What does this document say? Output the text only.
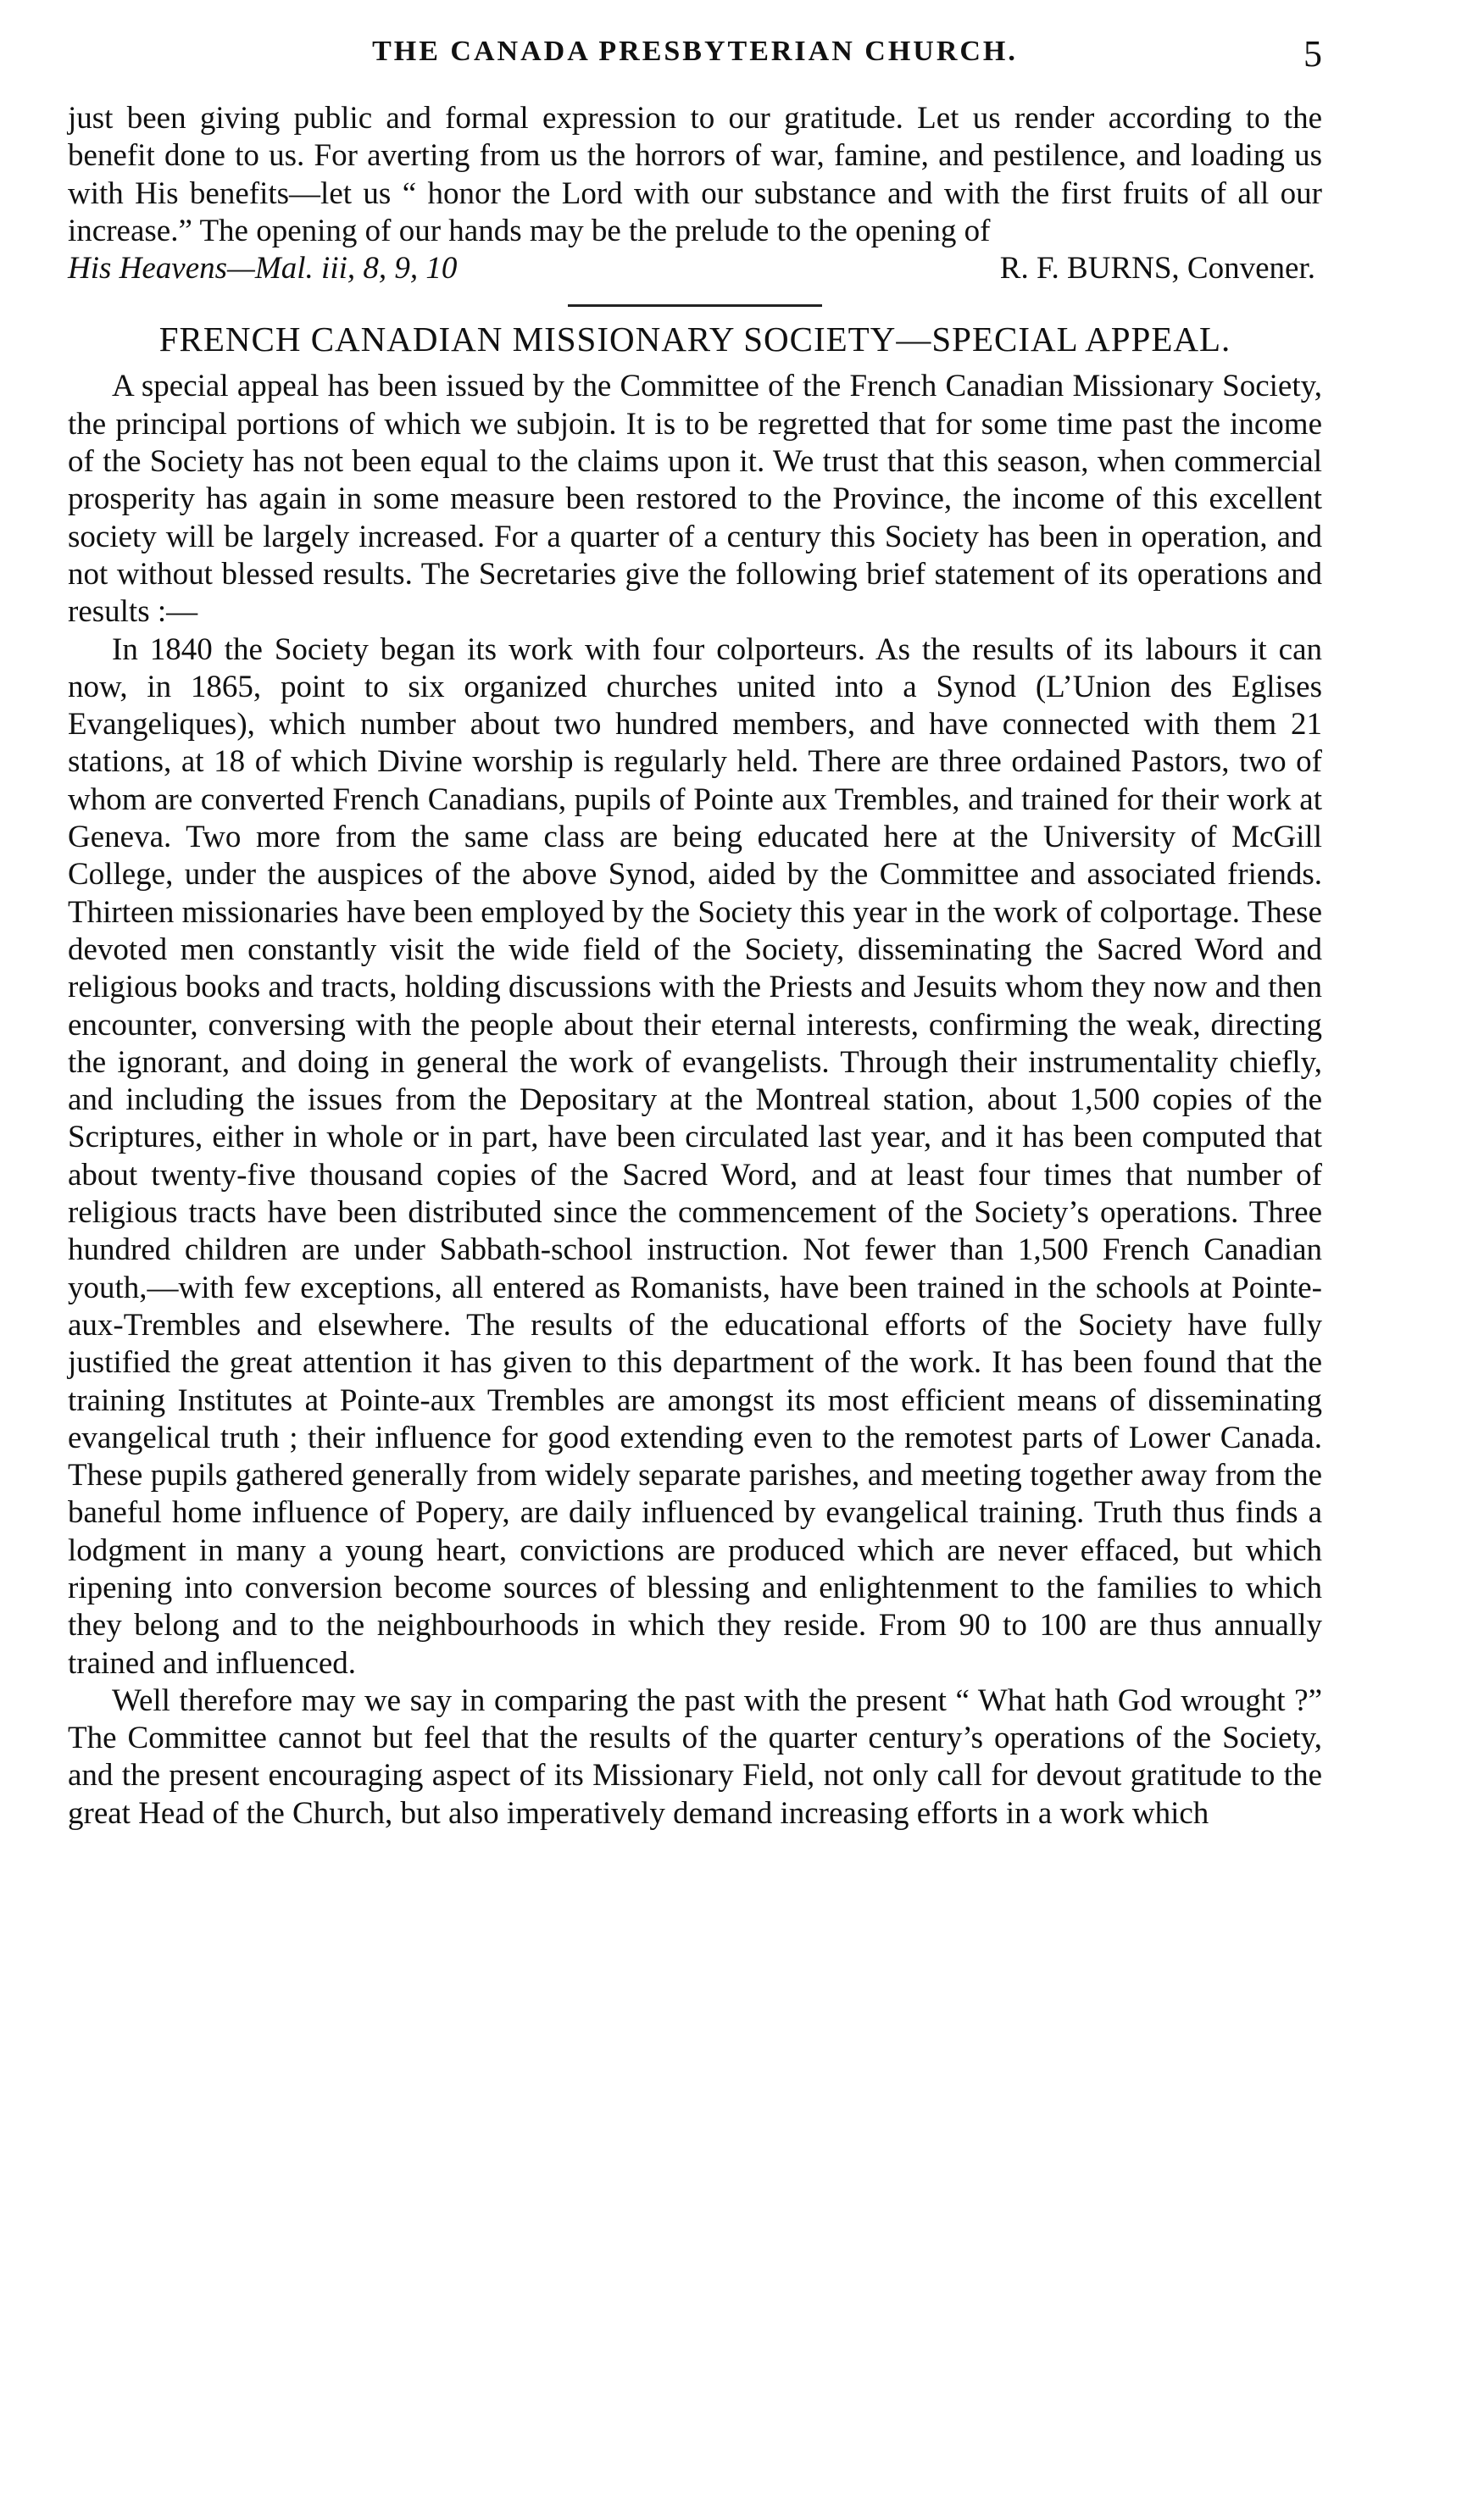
THE CANADA PRESBYTERIAN CHURCH.	5

just been giving public and formal expression to our gratitude. Let us render according to the benefit done to us. For averting from us the horrors of war, famine, and pestilence, and loading us with His benefits—let us “ honor the Lord with our substance and with the first fruits of all our increase.” The opening of our hands may be the prelude to the opening of

His Heavens—Mal. iii, 8, 9, 10	R. F. BURNS, Convener.
FRENCH CANADIAN MISSIONARY SOCIETY—SPECIAL APPEAL.

A special appeal has been issued by the Committee of the French Canadian Missionary Society, the principal portions of which we subjoin. It is to be regretted that for some time past the income of the Society has not been equal to the claims upon it. We trust that this season, when commercial prosperity has again in some measure been restored to the Province, the income of this excellent society will be largely increased. For a quarter of a century this Society has been in operation, and not without blessed results. The Secretaries give the following brief statement of its operations and results :—

In 1840 the Society began its work with four colporteurs. As the results of its labours it can now, in 1865, point to six organized churches united into a Synod (L’Union des Eglises Evangeliques), which number about two hundred members, and have connected with them 21 stations, at 18 of which Divine worship is regularly held. There are three ordained Pastors, two of whom are converted French Canadians, pupils of Pointe aux Trembles, and trained for their work at Geneva. Two more from the same class are being educated here at the University of McGill College, under the auspices of the above Synod, aided by the Committee and associated friends. Thirteen missionaries have been employed by the Society this year in the work of colportage. These devoted men constantly visit the wide field of the Society, disseminating the Sacred Word and religious books and tracts, holding discussions with the Priests and Jesuits whom they now and then encounter, conversing with the people about their eternal interests, confirming the weak, directing the ignorant, and doing in general the work of evangelists. Through their instrumentality chiefly, and including the issues from the Depositary at the Montreal station, about 1,500 copies of the Scriptures, either in whole or in part, have been circulated last year, and it has been computed that about twenty-five thousand copies of the Sacred Word, and at least four times that number of religious tracts have been distributed since the commencement of the Society’s operations. Three hundred children are under Sabbath-school instruction. Not fewer than 1,500 French Canadian youth,—with few exceptions, all entered as Romanists, have been trained in the schools at Pointe-aux-Trembles and elsewhere. The results of the educational efforts of the Society have fully justified the great attention it has given to this department of the work. It has been found that the training Institutes at Pointe-aux Trembles are amongst its most efficient means of disseminating evangelical truth ; their influence for good extending even to the remotest parts of Lower Canada. These pupils gathered generally from widely separate parishes, and meeting together away from the baneful home influence of Popery, are daily influenced by evangelical training. Truth thus finds a lodgment in many a young heart, convictions are produced which are never effaced, but which ripening into conversion become sources of blessing and enlightenment to the families to which they belong and to the neighbourhoods in which they reside. From 90 to 100 are thus annually trained and influenced.

Well therefore may we say in comparing the past with the present “ What hath God wrought ?” The Committee cannot but feel that the results of the quarter century’s operations of the Society, and the present encouraging aspect of its Missionary Field, not only call for devout gratitude to the great Head of the Church, but also imperatively demand increasing efforts in a work which
